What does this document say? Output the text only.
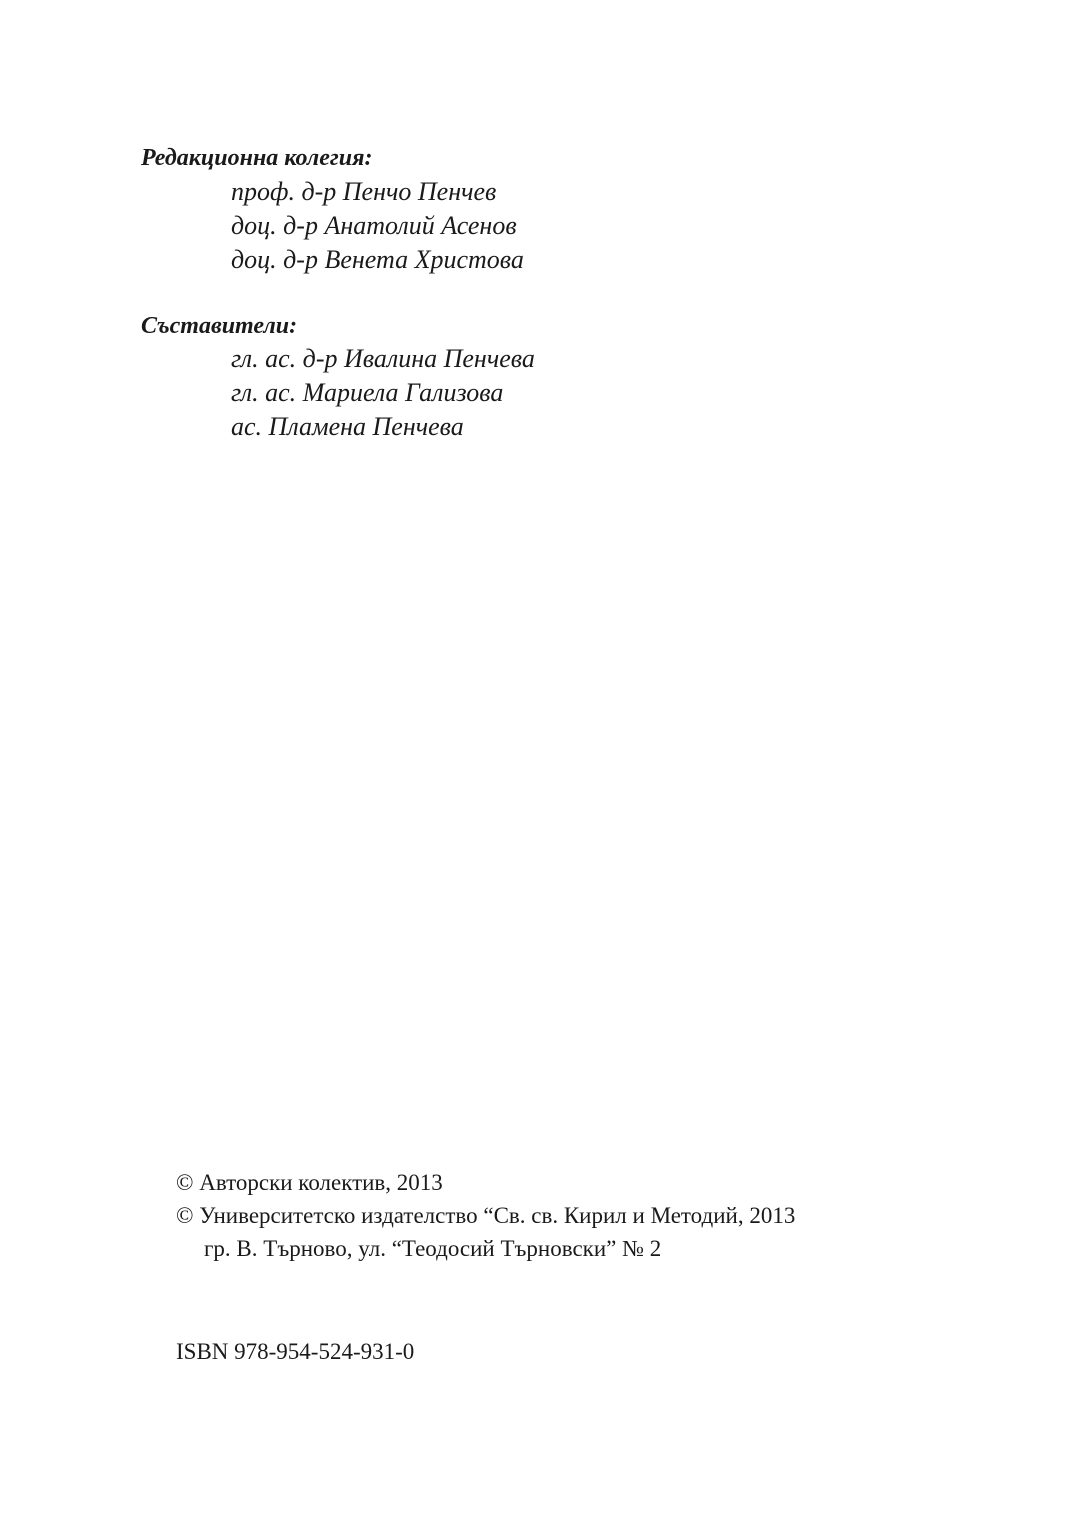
Редакционна колегия:
проф. д-р Пенчо Пенчев
доц. д-р Анатолий Асенов
доц. д-р Венета Христова
Съставители:
гл. ас. д-р Ивалина Пенчева
гл. ас. Мариела Гализова
ас. Пламена Пенчева
© Авторски колектив, 2013
© Университетско издателство “Св. св. Кирил и Методий, 2013
гр. В. Търново, ул. “Теодосий Търновски” № 2
ISBN 978-954-524-931-0
